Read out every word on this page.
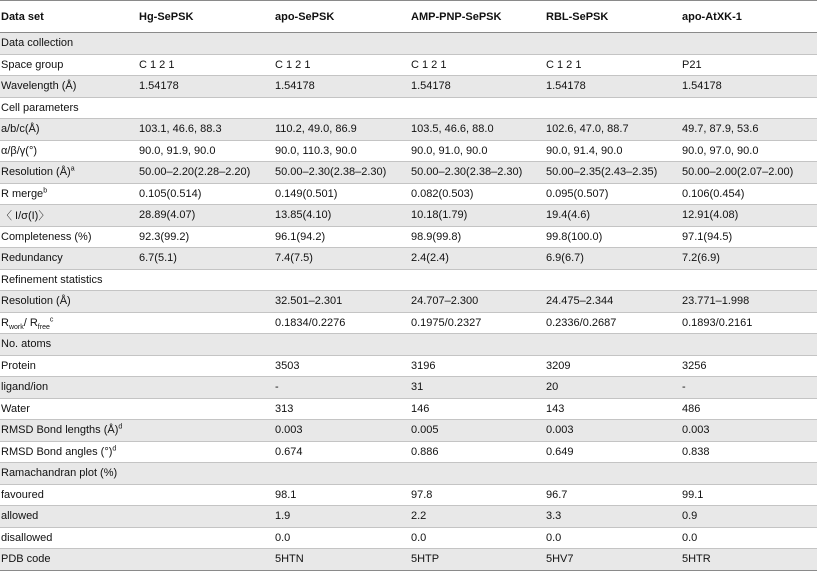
Data set	Hg-SePSK	apo-SePSK	AMP-PNP-SePSK	RBL-SePSK	apo-AtXK-1
Data collection					
Space group	C 1 2 1	C 1 2 1	C 1 2 1	C 1 2 1	P21
Wavelength (Å)	1.54178	1.54178	1.54178	1.54178	1.54178
Cell parameters					
a/b/c(Å)	103.1, 46.6, 88.3	110.2, 49.0, 86.9	103.5, 46.6, 88.0	102.6, 47.0, 88.7	49.7, 87.9, 53.6
α/β/γ(°)	90.0, 91.9, 90.0	90.0, 110.3, 90.0	90.0, 91.0, 90.0	90.0, 91.4, 90.0	90.0, 97.0, 90.0
Resolution (Å)$^a$	50.00–2.20(2.28–2.20)	50.00–2.30(2.38–2.30)	50.00–2.30(2.38–2.30)	50.00–2.35(2.43–2.35)	50.00–2.00(2.07–2.00)
R merge$^b$	0.105(0.514)	0.149(0.501)	0.082(0.503)	0.095(0.507)	0.106(0.454)
〈 I/σ(I)〉	28.89(4.07)	13.85(4.10)	10.18(1.79)	19.4(4.6)	12.91(4.08)
Completeness (%)	92.3(99.2)	96.1(94.2)	98.9(99.8)	99.8(100.0)	97.1(94.5)
Redundancy	6.7(5.1)	7.4(7.5)	2.4(2.4)	6.9(6.7)	7.2(6.9)
Refinement statistics					
Resolution (Å)		32.501–2.301	24.707–2.300	24.475–2.344	23.771–1.998
$R_{work}/$ $R_{free}^c$		0.1834/0.2276	0.1975/0.2327	0.2336/0.2687	0.1893/0.2161
No. atoms					
Protein		3503	3196	3209	3256
ligand/ion		-	31	20	-
Water		313	146	143	486
RMSD Bond lengths (Å)$^d$		0.003	0.005	0.003	0.003
RMSD Bond angles (°)$^d$		0.674	0.886	0.649	0.838
Ramachandran plot (%)					
favoured		98.1	97.8	96.7	99.1
allowed		1.9	2.2	3.3	0.9
disallowed		0.0	0.0	0.0	0.0
PDB code		5HTN	5HTP	5HV7	5HTR
